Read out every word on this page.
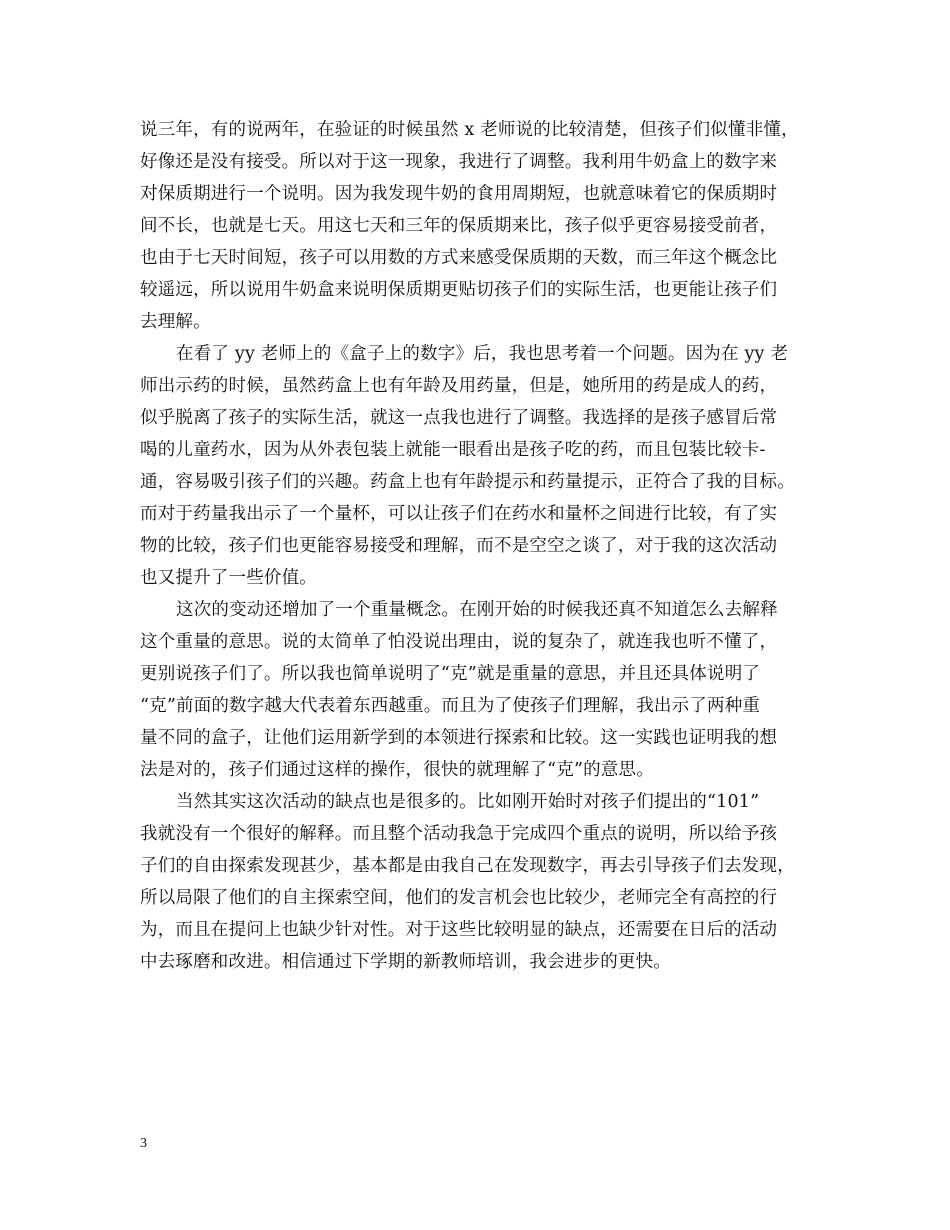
说三年，有的说两年，在验证的时候虽然 x 老师说的比较清楚，但孩子们似懂非懂，
好像还是没有接受。所以对于这一现象，我进行了调整。我利用牛奶盒上的数字来
对保质期进行一个说明。因为我发现牛奶的食用周期短，也就意味着它的保质期时
间不长，也就是七天。用这七天和三年的保质期来比，孩子似乎更容易接受前者，
也由于七天时间短，孩子可以用数的方式来感受保质期的天数，而三年这个概念比
较遥远，所以说用牛奶盒来说明保质期更贴切孩子们的实际生活，也更能让孩子们
去理解。
在看了 yy 老师上的《盒子上的数字》后，我也思考着一个问题。因为在 yy 老
师出示药的时候，虽然药盒上也有年龄及用药量，但是，她所用的药是成人的药，
似乎脱离了孩子的实际生活，就这一点我也进行了调整。我选择的是孩子感冒后常
喝的儿童药水，因为从外表包装上就能一眼看出是孩子吃的药，而且包装比较卡-
通，容易吸引孩子们的兴趣。药盒上也有年龄提示和药量提示，正符合了我的目标。
而对于药量我出示了一个量杯，可以让孩子们在药水和量杯之间进行比较，有了实
物的比较，孩子们也更能容易接受和理解，而不是空空之谈了，对于我的这次活动
也又提升了一些价值。
这次的变动还增加了一个重量概念。在刚开始的时候我还真不知道怎么去解释
这个重量的意思。说的太简单了怕没说出理由，说的复杂了，就连我也听不懂了，
更别说孩子们了。所以我也简单说明了“克”就是重量的意思，并且还具体说明了
“克”前面的数字越大代表着东西越重。而且为了使孩子们理解，我出示了两种重
量不同的盒子，让他们运用新学到的本领进行探索和比较。这一实践也证明我的想
法是对的，孩子们通过这样的操作，很快的就理解了“克”的意思。
当然其实这次活动的缺点也是很多的。比如刚开始时对孩子们提出的“101”
我就没有一个很好的解释。而且整个活动我急于完成四个重点的说明，所以给予孩
子们的自由探索发现甚少，基本都是由我自己在发现数字，再去引导孩子们去发现，
所以局限了他们的自主探索空间，他们的发言机会也比较少，老师完全有高控的行
为，而且在提问上也缺少针对性。对于这些比较明显的缺点，还需要在日后的活动
中去琢磨和改进。相信通过下学期的新教师培训，我会进步的更快。
3
